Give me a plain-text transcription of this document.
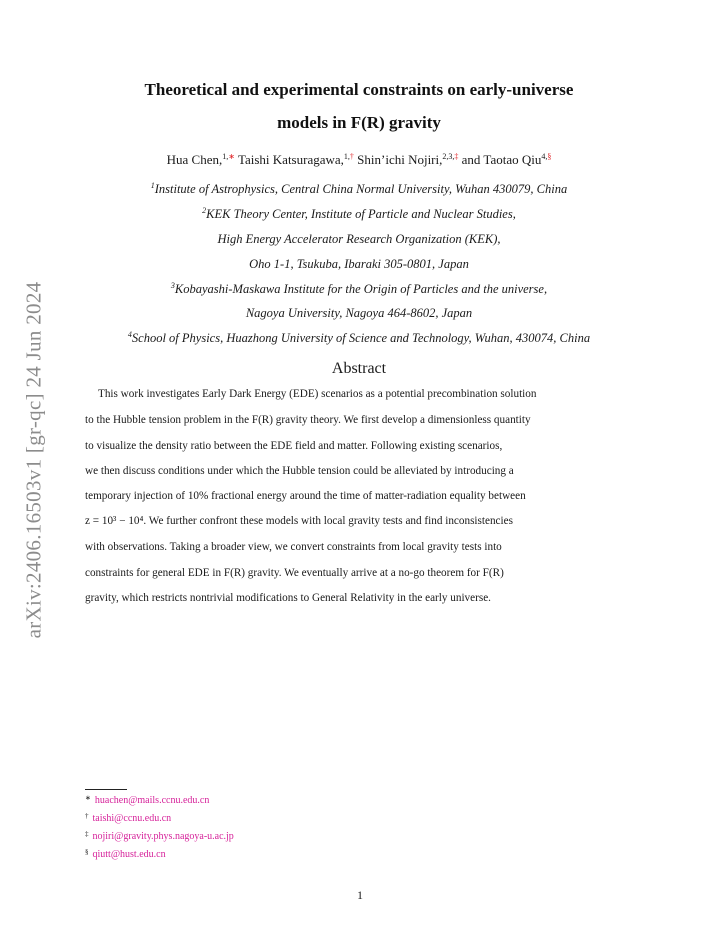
arXiv:2406.16503v1 [gr-qc] 24 Jun 2024
Theoretical and experimental constraints on early-universe
models in F(R) gravity
Hua Chen,$^{1,∗}$ Taishi Katsuragawa,$^{1,\dagger}$ Shin’ichi Nojiri,$^{2,3,\ddagger}$ and Taotao Qiu$^{4,\S}$
$^1$Institute of Astrophysics, Central China Normal University, Wuhan 430079, China
$^2$KEK Theory Center, Institute of Particle and Nuclear Studies,
High Energy Accelerator Research Organization (KEK),
Oho 1-1, Tsukuba, Ibaraki 305-0801, Japan
$^3$Kobayashi-Maskawa Institute for the Origin of Particles and the universe,
Nagoya University, Nagoya 464-8602, Japan
$^4$School of Physics, Huazhong University of Science and Technology, Wuhan, 430074, China
Abstract
This work investigates Early Dark Energy (EDE) scenarios as a potential precombination solution
to the Hubble tension problem in the F(R) gravity theory. We first develop a dimensionless quantity
to visualize the density ratio between the EDE field and matter. Following existing scenarios,
we then discuss conditions under which the Hubble tension could be alleviated by introducing a
temporary injection of 10% fractional energy around the time of matter-radiation equality between
z = 10³ − 10⁴. We further confront these models with local gravity tests and find inconsistencies
with observations. Taking a broader view, we convert constraints from local gravity tests into
constraints for general EDE in F(R) gravity. We eventually arrive at a no-go theorem for F(R)
gravity, which restricts nontrivial modifications to General Relativity in the early universe.
∗ huachen@mails.ccnu.edu.cn
† taishi@ccnu.edu.cn
‡ nojiri@gravity.phys.nagoya-u.ac.jp
§ qiutt@hust.edu.cn
1
